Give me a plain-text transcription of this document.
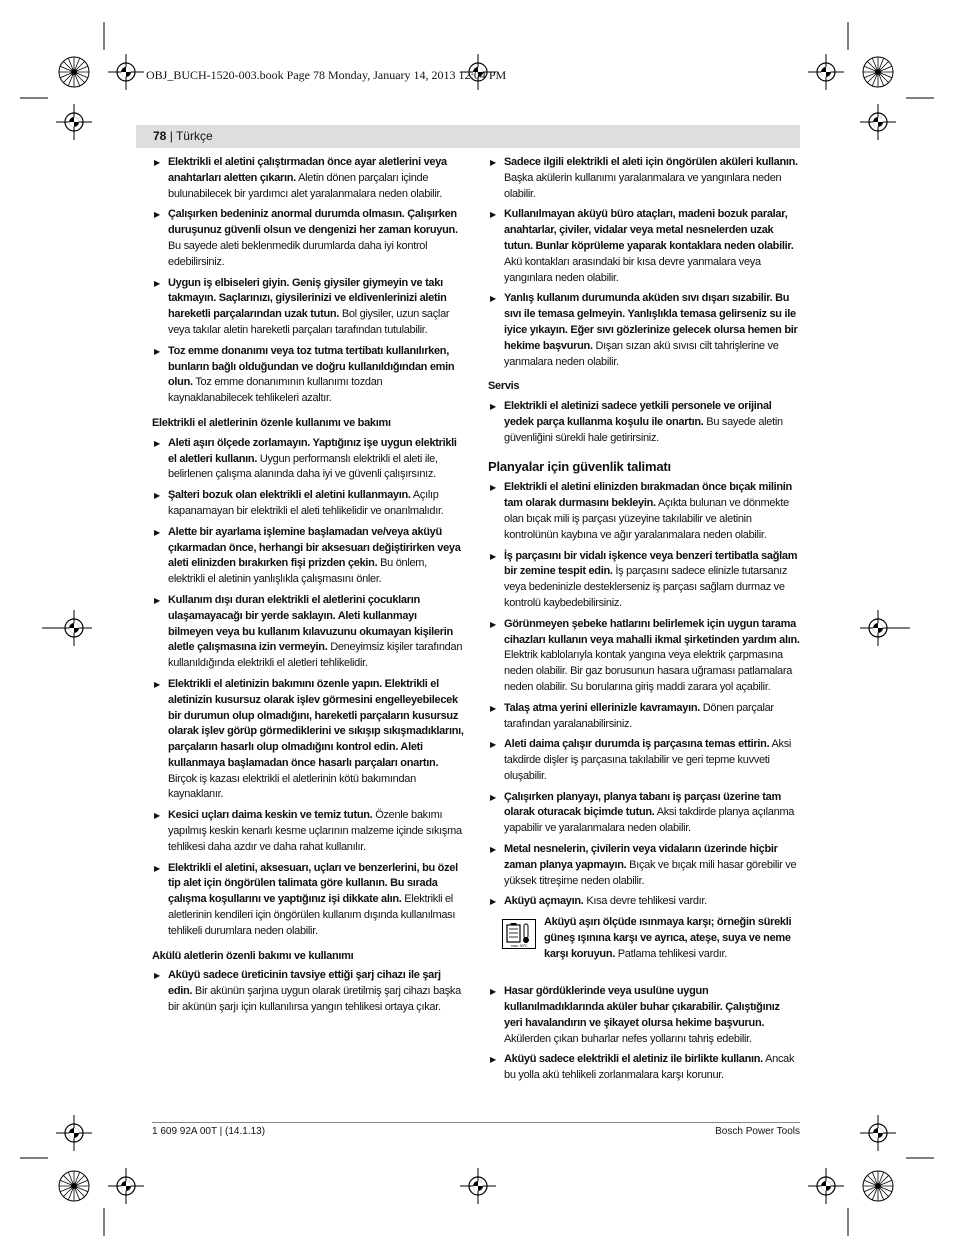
OBJ_BUCH-1520-003.book Page 78 Monday, January 14, 2013 12:04 PM
78 | Türkçe
▶ Elektrikli el aletini çalıştırmadan önce ayar aletlerini veya anahtarları aletten çıkarın. Aletin dönen parçaları içinde bulunabilecek bir yardımcı alet yaralanmalara neden olabilir.
▶ Çalışırken bedeniniz anormal durumda olmasın. Çalışırken duruşunuz güvenli olsun ve dengenizi her zaman koruyun. Bu sayede aleti beklenmedik durumlarda daha iyi kontrol edebilirsiniz.
▶ Uygun iş elbiseleri giyin. Geniş giysiler giymeyin ve takı takmayın. Saçlarınızı, giysilerinizi ve eldivenlerinizi aletin hareketli parçalarından uzak tutun. Bol giysiler, uzun saçlar veya takılar aletin hareketli parçaları tarafından tutulabilir.
▶ Toz emme donanımı veya toz tutma tertibatı kullanılırken, bunların bağlı olduğundan ve doğru kullanıldığından emin olun. Toz emme donanımının kullanımı tozdan kaynaklanabilecek tehlikeleri azaltır.
Elektrikli el aletlerinin özenle kullanımı ve bakımı
▶ Aleti aşırı ölçede zorlamayın. Yaptığınız işe uygun elektrikli el aletleri kullanın. Uygun performanslı elektrikli el aleti ile, belirlenen çalışma alanında daha iyi ve güvenli çalışırsınız.
▶ Şalteri bozuk olan elektrikli el aletini kullanmayın. Açılıp kapanamayan bir elektrikli el aleti tehlikelidir ve onarılmalıdır.
▶ Alette bir ayarlama işlemine başlamadan ve/veya aküyü çıkarmadan önce, herhangi bir aksesuarı değiştirirken veya aleti elinizden bırakırken fişi prizden çekin. Bu önlem, elektrikli el aletinin yanlışlıkla çalışmasını önler.
▶ Kullanım dışı duran elektrikli el aletlerini çocukların ulaşamayacağı bir yerde saklayın. Aleti kullanmayı bilmeyen veya bu kullanım kılavuzunu okumayan kişilerin aletle çalışmasına izin vermeyin. Deneyimsiz kişiler tarafından kullanıldığında elektrikli el aletleri tehlikelidir.
▶ Elektrikli el aletinizin bakımını özenle yapın. Elektrikli el aletinizin kusursuz olarak işlev görmesini engelleyebilecek bir durumun olup olmadığını, hareketli parçaların kusursuz olarak işlev görüp görmediklerini ve sıkışıp sıkışmadıklarını, parçaların hasarlı olup olmadığını kontrol edin. Aleti kullanmaya başlamadan önce hasarlı parçaları onartın. Birçok iş kazası elektrikli el aletlerinin kötü bakımından kaynaklanır.
▶ Kesici uçları daima keskin ve temiz tutun. Özenle bakımı yapılmış keskin kenarlı kesme uçlarının malzeme içinde sıkışma tehlikesi daha azdır ve daha rahat kullanılır.
▶ Elektrikli el aletini, aksesuarı, uçları ve benzerlerini, bu özel tip alet için öngörülen talimata göre kullanın. Bu sırada çalışma koşullarını ve yaptığınız işi dikkate alın. Elektrikli el aletlerinin kendileri için öngörülen kullanım dışında kullanılması tehlikeli durumlara neden olabilir.
Akülü aletlerin özenli bakımı ve kullanımı
▶ Aküyü sadece üreticinin tavsiye ettiği şarj cihazı ile şarj edin. Bir akünün şarjına uygun olarak üretilmiş şarj cihazı başka bir akünün şarjı için kullanılırsa yangın tehlikesi ortaya çıkar.
▶ Sadece ilgili elektrikli el aleti için öngörülen aküleri kullanın. Başka akülerin kullanımı yaralanmalara ve yangınlara neden olabilir.
▶ Kullanılmayan aküyü büro ataçları, madeni bozuk paralar, anahtarlar, çiviler, vidalar veya metal nesnelerden uzak tutun. Bunlar köprüleme yaparak kontaklara neden olabilir. Akü kontakları arasındaki bir kısa devre yanmalara veya yangınlara neden olabilir.
▶ Yanlış kullanım durumunda aküden sıvı dışarı sızabilir. Bu sıvı ile temasa gelmeyin. Yanlışlıkla temasa gelirseniz su ile iyice yıkayın. Eğer sıvı gözlerinize gelecek olursa hemen bir hekime başvurun. Dışarı sızan akü sıvısı cilt tahrişlerine ve yanmalara neden olabilir.
Servis
▶ Elektrikli el aletinizi sadece yetkili personele ve orijinal yedek parça kullanma koşulu ile onartın. Bu sayede aletin güvenliğini sürekli hale getirirsiniz.
Planyalar için güvenlik talimatı
▶ Elektrikli el aletini elinizden bırakmadan önce bıçak milinin tam olarak durmasını bekleyin. Açıkta bulunan ve dönmekte olan bıçak mili iş parçası yüzeyine takılabilir ve aletinin kontrolünün kaybına ve ağır yaralanmalara neden olabilir.
▶ İş parçasını bir vidalı işkence veya benzeri tertibatla sağlam bir zemine tespit edin. İş parçasını sadece elinizle tutarsanız veya bedeninizle desteklerseniz iş parçası sağlam durmaz ve kontrolü kaybedebilirsiniz.
▶ Görünmeyen şebeke hatlarını belirlemek için uygun tarama cihazları kullanın veya mahalli ikmal şirketinden yardım alın. Elektrik kablolarıyla kontak yangına veya elektrik çarpmasına neden olabilir. Bir gaz borusunun hasara uğraması patlamalara neden olabilir. Su borularına giriş maddi zarara yol açabilir.
▶ Talaş atma yerini ellerinizle kavramayın. Dönen parçalar tarafından yaralanabilirsiniz.
▶ Aleti daima çalışır durumda iş parçasına temas ettirin. Aksi takdirde dişler iş parçasına takılabilir ve geri tepme kuvveti oluşabilir.
▶ Çalışırken planyayı, planya tabanı iş parçası üzerine tam olarak oturacak biçimde tutun. Aksi takdirde planya açılanma yapabilir ve yaralanmalara neden olabilir.
▶ Metal nesnelerin, çivilerin veya vidaların üzerinde hiçbir zaman planya yapmayın. Bıçak ve bıçak mili hasar görebilir ve yüksek titreşime neden olabilir.
▶ Aküyü açmayın. Kısa devre tehlikesi vardır.
max. 50°C
Aküyü aşırı ölçüde ısınmaya karşı; örneğin sürekli güneş ışınına karşı ve ayrıca, ateşe, suya ve neme karşı koruyun. Patlama tehlikesi vardır.
▶ Hasar gördüklerinde veya usulüne uygun kullanılmadıklarında aküler buhar çıkarabilir. Çalıştığınız yeri havalandırın ve şikayet olursa hekime başvurun. Akülerden çıkan buharlar nefes yollarını tahriş edebilir.
▶ Aküyü sadece elektrikli el aletiniz ile birlikte kullanın. Ancak bu yolla akü tehlikeli zorlanmalara karşı korunur.
1 609 92A 00T | (14.1.13)	Bosch Power Tools
